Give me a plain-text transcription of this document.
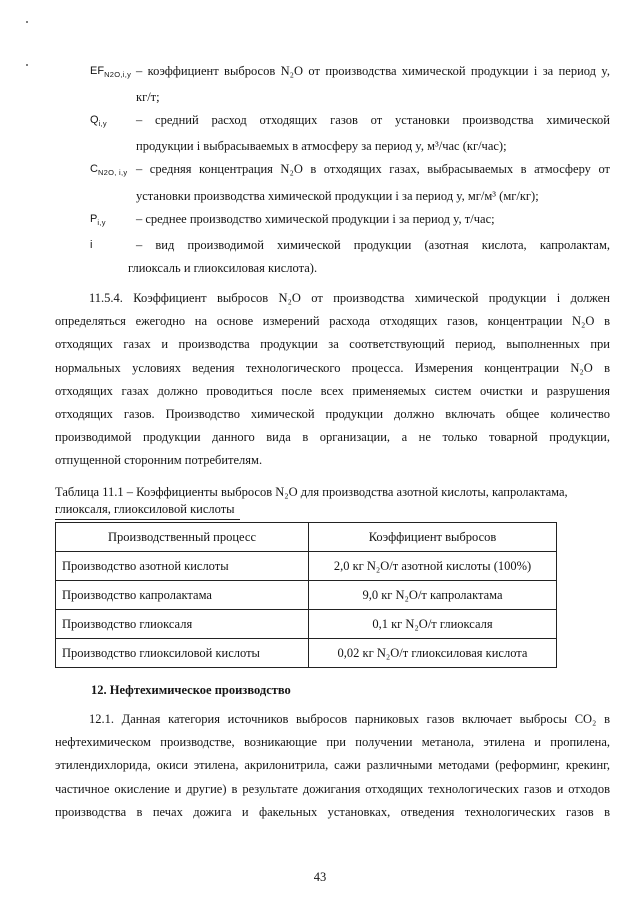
$EF_{N2O,i,y}$ – коэффициент выбросов N₂O от производства химической продукции i за период y,
кг/т;
$Q_{i,y}$	– средний расход отходящих газов от установки производства химической
продукции i выбрасываемых в атмосферу за период y, м³/час (кг/час);
$C_{N2O, i,y}$ – средняя концентрация N₂O в отходящих газах, выбрасываемых в атмосферу от
установки производства химической продукции i за период y, мг/м³ (мг/кг);
$P_{i,y}$	– среднее производство химической продукции i за период y, т/час;
i	– вид производимой химической продукции (азотная кислота, капролактам,
глиоксаль и глиоксиловая кислота).
11.5.4. Коэффициент выбросов N₂O от производства химической продукции i должен
определяться ежегодно на основе измерений расхода отходящих газов, концентрации N₂O в
отходящих газах и производства продукции за соответствующий период, выполненных при
нормальных условиях ведения технологического процесса. Измерения концентрации N₂O в
отходящих газах должно проводиться после всех применяемых систем очистки и разрушения
отходящих газов. Производство химической продукции должно включать общее количество
производимой продукции данного вида в организации, а не только товарной продукции,
отпущенной сторонним потребителям.
Таблица 11.1 – Коэффициенты выбросов N₂O для производства азотной кислоты, капролактама,
глиоксаля, глиоксиловой кислоты
Производственный процесс	Коэффициент выбросов
Производство азотной кислоты	2,0 кг N₂O/т азотной кислоты (100%)
Производство капролактама	9,0 кг N₂O/т капролактама
Производство глиоксаля	0,1 кг N₂O/т глиоксаля
Производство глиоксиловой кислоты	0,02 кг N₂O/т глиоксиловая кислота
12. Нефтехимическое производство
12.1. Данная категория источников выбросов парниковых газов включает выбросы CO₂ в
нефтехимическом производстве, возникающие при получении метанола, этилена и пропилена,
этилендихлорида, окиси этилена, акрилонитрила, сажи различными методами (реформинг, крекинг,
частичное окисление и другие) в результате дожигания отходящих технологических газов и отходов
производства в печах дожига и факельных установках, отведения технологических газов в
43
